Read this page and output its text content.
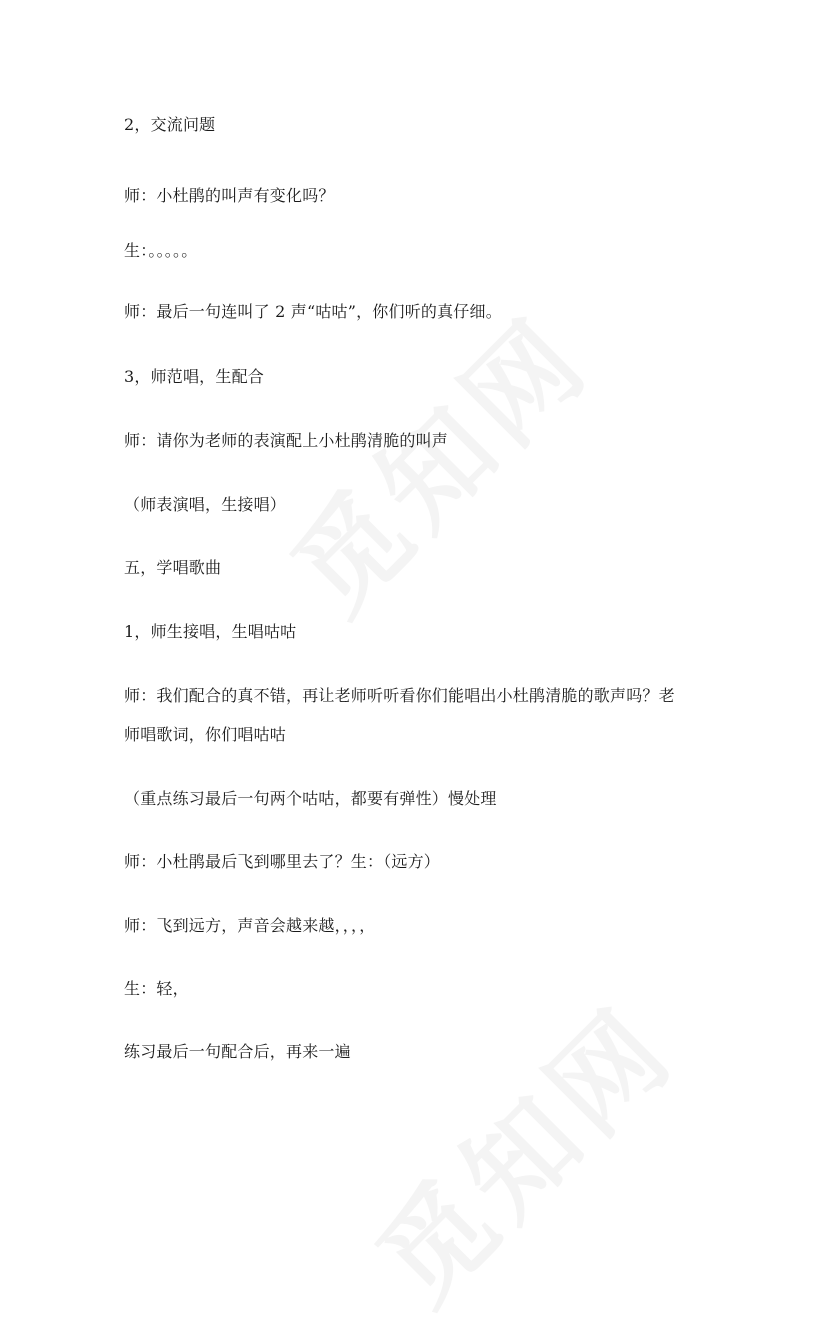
2，交流问题

师：小杜鹃的叫声有变化吗？

生：。。。。。

师：最后一句连叫了 2 声“咕咕”，你们听的真仔细。

3，师范唱，生配合

师：请你为老师的表演配上小杜鹃清脆的叫声

（师表演唱，生接唱）

五，学唱歌曲

1，师生接唱，生唱咕咕

师：我们配合的真不错，再让老师听听看你们能唱出小杜鹃清脆的歌声吗？老

师唱歌词，你们唱咕咕

（重点练习最后一句两个咕咕，都要有弹性）慢处理

师：小杜鹃最后飞到哪里去了？生：（远方）

师：飞到远方，声音会越来越，，，，

生：轻，

练习最后一句配合后，再来一遍
